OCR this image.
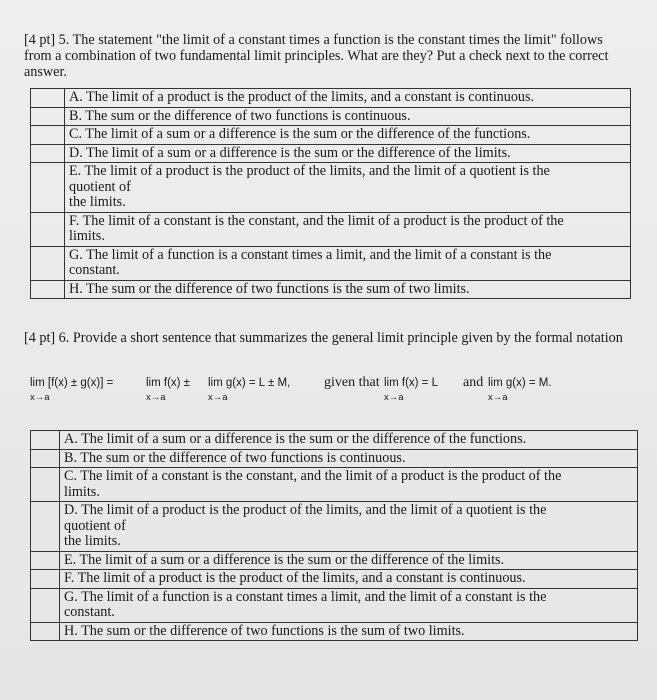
[4 pt] 5. The statement "the limit of a constant times a function is the constant times the limit" follows from a combination of two fundamental limit principles. What are they? Put a check next to the correct answer.

	A. The limit of a product is the product of the limits, and a constant is continuous.

	B. The sum or the difference of two functions is continuous.

	C. The limit of a sum or a difference is the sum or the difference of the functions.

	D. The limit of a sum or a difference is the sum or the difference of the limits.

	E. The limit of a product is the product of the limits, and the limit of a quotient is the
quotient of
the limits.

	F. The limit of a constant is the constant, and the limit of a product is the product of the
limits.

	G. The limit of a function is a constant times a limit, and the limit of a constant is the
constant.

	H. The sum or the difference of two functions is the sum of two limits.
[4 pt] 6. Provide a short sentence that summarizes the general limit principle given by the formal notation
lim [f(x) ± g(x)] =
x→a
lim f(x) ±
x→a
lim g(x) = L ± M,
x→a
given that lim f(x) = L
x→a
and lim g(x) = M.
x→a

	A. The limit of a sum or a difference is the sum or the difference of the functions.

	B. The sum or the difference of two functions is continuous.

	C. The limit of a constant is the constant, and the limit of a product is the product of the
limits.

	D. The limit of a product is the product of the limits, and the limit of a quotient is the
quotient of
the limits.

	E. The limit of a sum or a difference is the sum or the difference of the limits.

	F. The limit of a product is the product of the limits, and a constant is continuous.

	G. The limit of a function is a constant times a limit, and the limit of a constant is the
constant.

	H. The sum or the difference of two functions is the sum of two limits.
